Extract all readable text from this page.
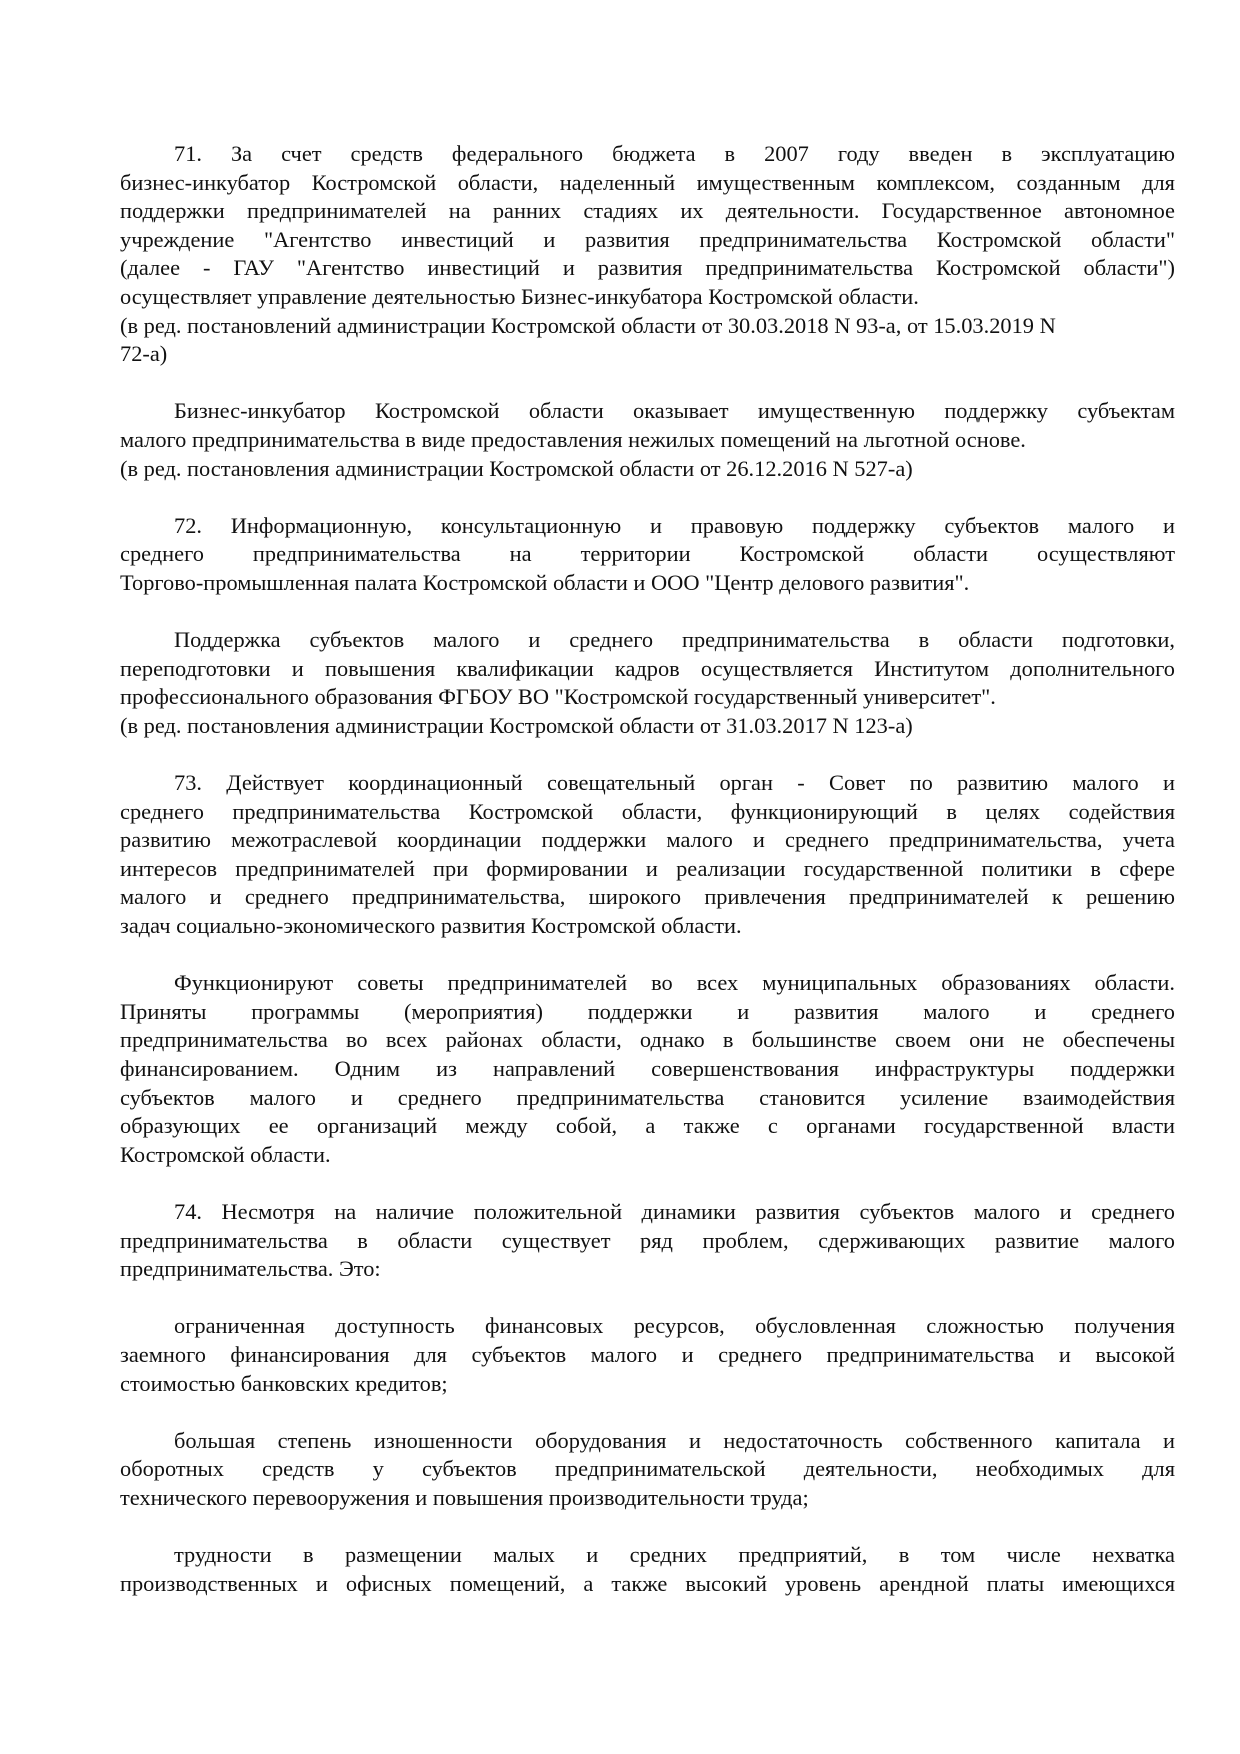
71. За счет средств федерального бюджета в 2007 году введен в эксплуатацию
бизнес-инкубатор Костромской области, наделенный имущественным комплексом, созданным для
поддержки предпринимателей на ранних стадиях их деятельности. Государственное автономное
учреждение "Агентство инвестиций и развития предпринимательства Костромской области"
(далее - ГАУ "Агентство инвестиций и развития предпринимательства Костромской области")
осуществляет управление деятельностью Бизнес-инкубатора Костромской области.

(в ред. постановлений администрации Костромской области от 30.03.2018 N 93-а, от 15.03.2019 N
72-а)

Бизнес-инкубатор Костромской области оказывает имущественную поддержку субъектам
малого предпринимательства в виде предоставления нежилых помещений на льготной основе.

(в ред. постановления администрации Костромской области от 26.12.2016 N 527-а)

72. Информационную, консультационную и правовую поддержку субъектов малого и
среднего предпринимательства на территории Костромской области осуществляют
Торгово-промышленная палата Костромской области и ООО "Центр делового развития".

Поддержка субъектов малого и среднего предпринимательства в области подготовки,
переподготовки и повышения квалификации кадров осуществляется Институтом дополнительного
профессионального образования ФГБОУ ВО "Костромской государственный университет".

(в ред. постановления администрации Костромской области от 31.03.2017 N 123-а)

73. Действует координационный совещательный орган - Совет по развитию малого и
среднего предпринимательства Костромской области, функционирующий в целях содействия
развитию межотраслевой координации поддержки малого и среднего предпринимательства, учета
интересов предпринимателей при формировании и реализации государственной политики в сфере
малого и среднего предпринимательства, широкого привлечения предпринимателей к решению
задач социально-экономического развития Костромской области.

Функционируют советы предпринимателей во всех муниципальных образованиях области.
Приняты программы (мероприятия) поддержки и развития малого и среднего
предпринимательства во всех районах области, однако в большинстве своем они не обеспечены
финансированием. Одним из направлений совершенствования инфраструктуры поддержки
субъектов малого и среднего предпринимательства становится усиление взаимодействия
образующих ее организаций между собой, а также с органами государственной власти
Костромской области.

74. Несмотря на наличие положительной динамики развития субъектов малого и среднего
предпринимательства в области существует ряд проблем, сдерживающих развитие малого
предпринимательства. Это:

ограниченная доступность финансовых ресурсов, обусловленная сложностью получения
заемного финансирования для субъектов малого и среднего предпринимательства и высокой
стоимостью банковских кредитов;

большая степень изношенности оборудования и недостаточность собственного капитала и
оборотных средств у субъектов предпринимательской деятельности, необходимых для
технического перевооружения и повышения производительности труда;

трудности в размещении малых и средних предприятий, в том числе нехватка
производственных и офисных помещений, а также высокий уровень арендной платы имеющихся
